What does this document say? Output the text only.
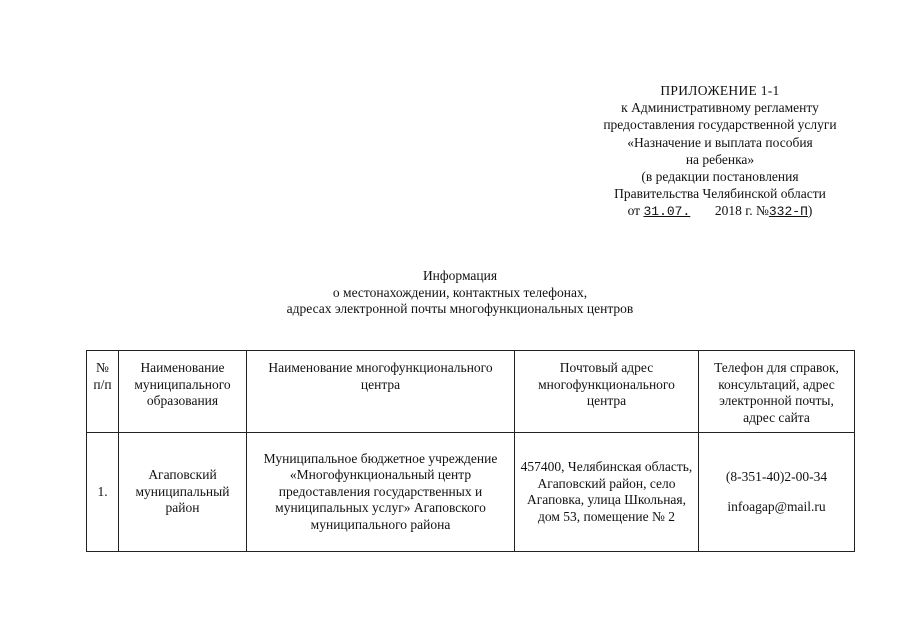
ПРИЛОЖЕНИЕ 1-1
к Административному регламенту
предоставления государственной услуги
«Назначение и выплата пособия
на ребенка»
(в редакции постановления
Правительства Челябинской области
от 31.07. 2018 г. №332-П)
Информация
о местонахождении, контактных телефонах,
адресах электронной почты многофункциональных центров
№ п/п	Наименование муниципального образования	Наименование многофункционального центра	Почтовый адрес многофункционального центра	Телефон для справок, консультаций, адрес электронной почты, адрес сайта
1.	Агаповский муниципальный район	Муниципальное бюджетное учреждение «Многофункциональный центр предоставления государственных и муниципальных услуг» Агаповского муниципального района	457400, Челябинская область, Агаповский район, село Агаповка, улица Школьная, дом 53, помещение № 2	(8-351-40)2-00-34
infoagap@mail.ru
